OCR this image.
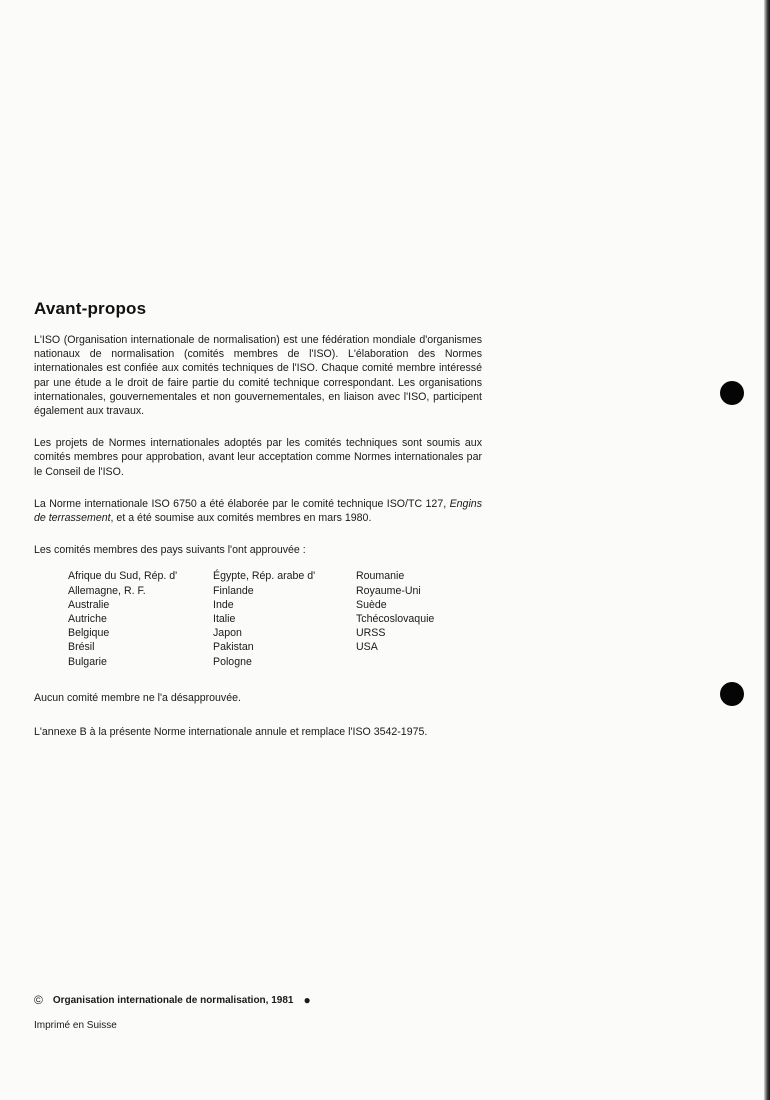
Avant-propos

L'ISO (Organisation internationale de normalisation) est une fédération mondiale d'organismes nationaux de normalisation (comités membres de l'ISO). L'élaboration des Normes internationales est confiée aux comités techniques de l'ISO. Chaque comité membre intéressé par une étude a le droit de faire partie du comité technique correspondant. Les organisations internationales, gouvernementales et non gouvernementales, en liaison avec l'ISO, participent également aux travaux.

Les projets de Normes internationales adoptés par les comités techniques sont soumis aux comités membres pour approbation, avant leur acceptation comme Normes internationales par le Conseil de l'ISO.

La Norme internationale ISO 6750 a été élaborée par le comité technique ISO/TC 127, Engins de terrassement, et a été soumise aux comités membres en mars 1980.

Les comités membres des pays suivants l'ont approuvée :

Afrique du Sud, Rép. d'
Allemagne, R. F.
Australie
Autriche
Belgique
Brésil
Bulgarie
Égypte, Rép. arabe d'
Finlande
Inde
Italie
Japon
Pakistan
Pologne
Roumanie
Royaume-Uni
Suède
Tchécoslovaquie
URSS
USA

Aucun comité membre ne l'a désapprouvée.

L'annexe B à la présente Norme internationale annule et remplace l'ISO 3542-1975.

© Organisation internationale de normalisation, 1981 ●
Imprimé en Suisse
